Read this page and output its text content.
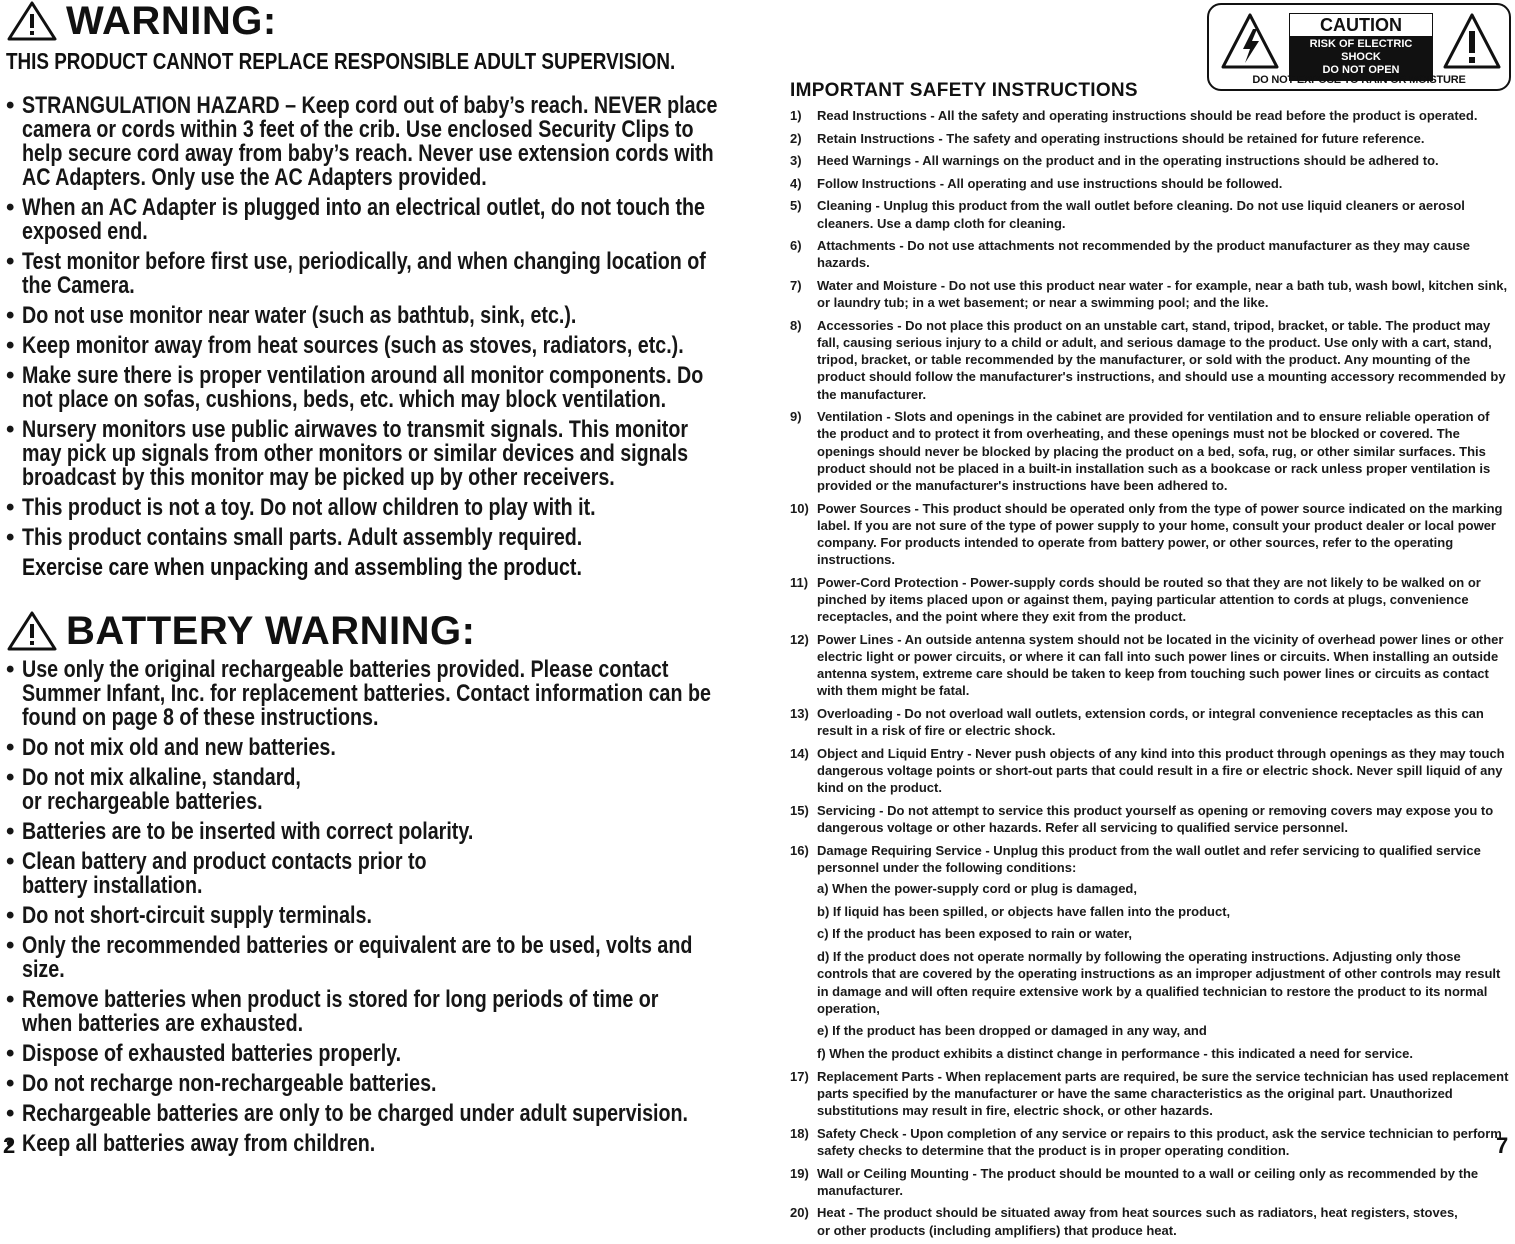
WARNING:
THIS PRODUCT CANNOT REPLACE RESPONSIBLE ADULT SUPERVISION.
• STRANGULATION HAZARD – Keep cord out of baby’s reach. NEVER place camera or cords within 3 feet of the crib. Use enclosed Security Clips to help secure cord away from baby’s reach. Never use extension cords with AC Adapters. Only use the AC Adapters provided.
• When an AC Adapter is plugged into an electrical outlet, do not touch the exposed end.
• Test monitor before first use, periodically, and when changing location of the Camera.
• Do not use monitor near water (such as bathtub, sink, etc.).
• Keep monitor away from heat sources (such as stoves, radiators, etc.).
• Make sure there is proper ventilation around all monitor components. Do not place on sofas, cushions, beds, etc. which may block ventilation.
• Nursery monitors use public airwaves to transmit signals. This monitor may pick up signals from other monitors or similar devices and signals broadcast by this monitor may be picked up by other receivers.
• This product is not a toy. Do not allow children to play with it.
• This product contains small parts. Adult assembly required.
Exercise care when unpacking and assembling the product.
BATTERY WARNING:
• Use only the original rechargeable batteries provided. Please contact Summer Infant, Inc. for replacement batteries. Contact information can be found on page 8 of these instructions.
• Do not mix old and new batteries.
• Do not mix alkaline, standard, or rechargeable batteries.
• Batteries are to be inserted with correct polarity.
• Clean battery and product contacts prior to battery installation.
• Do not short-circuit supply terminals.
• Only the recommended batteries or equivalent are to be used, volts and size.
• Remove batteries when product is stored for long periods of time or when batteries are exhausted.
• Dispose of exhausted batteries properly.
• Do not recharge non-rechargeable batteries.
• Rechargeable batteries are only to be charged under adult supervision.
• Keep all batteries away from children.
2
CAUTION
RISK OF ELECTRIC SHOCK
DO NOT OPEN
DO NOT EXPOSE TO RAIN OR MOISTURE
IMPORTANT SAFETY INSTRUCTIONS
1) Read Instructions - All the safety and operating instructions should be read before the product is operated.
2) Retain Instructions - The safety and operating instructions should be retained for future reference.
3) Heed Warnings - All warnings on the product and in the operating instructions should be adhered to.
4) Follow Instructions - All operating and use instructions should be followed.
5) Cleaning - Unplug this product from the wall outlet before cleaning. Do not use liquid cleaners or aerosol cleaners. Use a damp cloth for cleaning.
6) Attachments - Do not use attachments not recommended by the product manufacturer as they may cause hazards.
7) Water and Moisture - Do not use this product near water - for example, near a bath tub, wash bowl, kitchen sink, or laundry tub; in a wet basement; or near a swimming pool; and the like.
8) Accessories - Do not place this product on an unstable cart, stand, tripod, bracket, or table. The product may fall, causing serious injury to a child or adult, and serious damage to the product. Use only with a cart, stand, tripod, bracket, or table recommended by the manufacturer, or sold with the product. Any mounting of the product should follow the manufacturer's instructions, and should use a mounting accessory recommended by the manufacturer.
9) Ventilation - Slots and openings in the cabinet are provided for ventilation and to ensure reliable operation of the product and to protect it from overheating, and these openings must not be blocked or covered. The openings should never be blocked by placing the product on a bed, sofa, rug, or other similar surfaces. This product should not be placed in a built-in installation such as a bookcase or rack unless proper ventilation is provided or the manufacturer's instructions have been adhered to.
10) Power Sources - This product should be operated only from the type of power source indicated on the marking label. If you are not sure of the type of power supply to your home, consult your product dealer or local power company. For products intended to operate from battery power, or other sources, refer to the operating instructions.
11) Power-Cord Protection - Power-supply cords should be routed so that they are not likely to be walked on or pinched by items placed upon or against them, paying particular attention to cords at plugs, convenience receptacles, and the point where they exit from the product.
12) Power Lines - An outside antenna system should not be located in the vicinity of overhead power lines or other electric light or power circuits, or where it can fall into such power lines or circuits. When installing an outside antenna system, extreme care should be taken to keep from touching such power lines or circuits as contact with them might be fatal.
13) Overloading - Do not overload wall outlets, extension cords, or integral convenience receptacles as this can result in a risk of fire or electric shock.
14) Object and Liquid Entry - Never push objects of any kind into this product through openings as they may touch dangerous voltage points or short-out parts that could result in a fire or electric shock. Never spill liquid of any kind on the product.
15) Servicing - Do not attempt to service this product yourself as opening or removing covers may expose you to dangerous voltage or other hazards. Refer all servicing to qualified service personnel.
16) Damage Requiring Service - Unplug this product from the wall outlet and refer servicing to qualified service personnel under the following conditions:
a) When the power-supply cord or plug is damaged,
b) If liquid has been spilled, or objects have fallen into the product,
c) If the product has been exposed to rain or water,
d) If the product does not operate normally by following the operating instructions. Adjusting only those controls that are covered by the operating instructions as an improper adjustment of other controls may result in damage and will often require extensive work by a qualified technician to restore the product to its normal operation,
e) If the product has been dropped or damaged in any way, and
f) When the product exhibits a distinct change in performance - this indicated a need for service.
17) Replacement Parts - When replacement parts are required, be sure the service technician has used replacement parts specified by the manufacturer or have the same characteristics as the original part. Unauthorized substitutions may result in fire, electric shock, or other hazards.
18) Safety Check - Upon completion of any service or repairs to this product, ask the service technician to perform safety checks to determine that the product is in proper operating condition.
19) Wall or Ceiling Mounting - The product should be mounted to a wall or ceiling only as recommended by the manufacturer.
20) Heat - The product should be situated away from heat sources such as radiators, heat registers, stoves, or other products (including amplifiers) that produce heat.
7
